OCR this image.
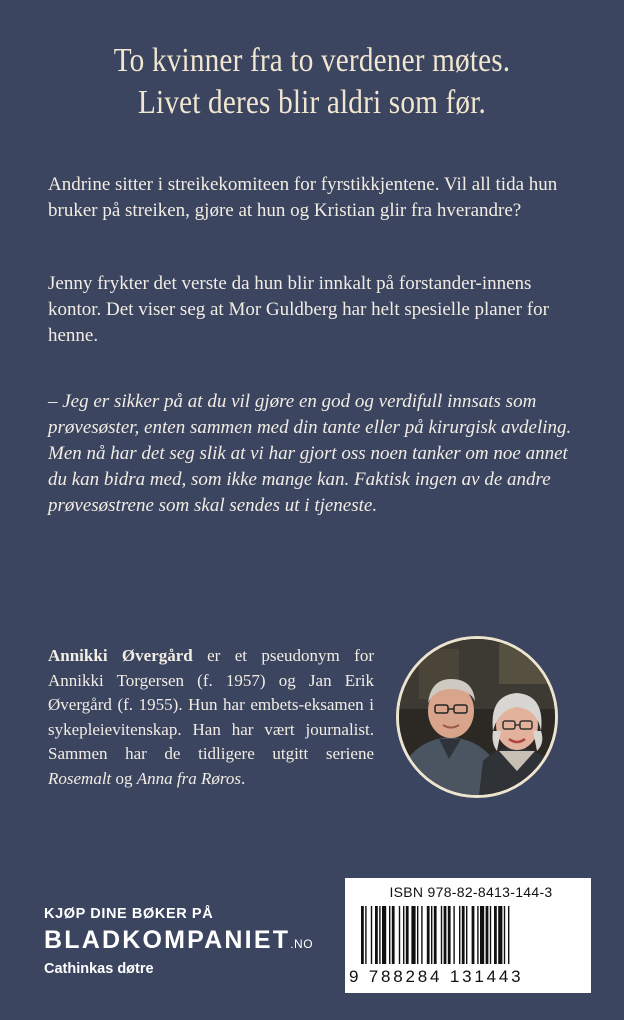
To kvinner fra to verdener møtes.
Livet deres blir aldri som før.
Andrine sitter i streikekomiteen for fyrstikkjentene. Vil all tida hun bruker på streiken, gjøre at hun og Kristian glir fra hverandre?
Jenny frykter det verste da hun blir innkalt på forstander-innens kontor. Det viser seg at Mor Guldberg har helt spesielle planer for henne.
– Jeg er sikker på at du vil gjøre en god og verdifull innsats som prøvesøster, enten sammen med din tante eller på kirurgisk avdeling. Men nå har det seg slik at vi har gjort oss noen tanker om noe annet du kan bidra med, som ikke mange kan. Faktisk ingen av de andre prøvesøstrene som skal sendes ut i tjeneste.
Annikki Øvergård er et pseudonym for Annikki Torgersen (f. 1957) og Jan Erik Øvergård (f. 1955). Hun har embets-eksamen i sykepleievitenskap. Han har vært journalist. Sammen har de tidligere utgitt seriene Rosemalt og Anna fra Røros.
KJØP DINE BØKER PÅ
BLADKOMPANIET.NO
Cathinkas døtre
ISBN 978-82-8413-144-3
9 788284 131443
